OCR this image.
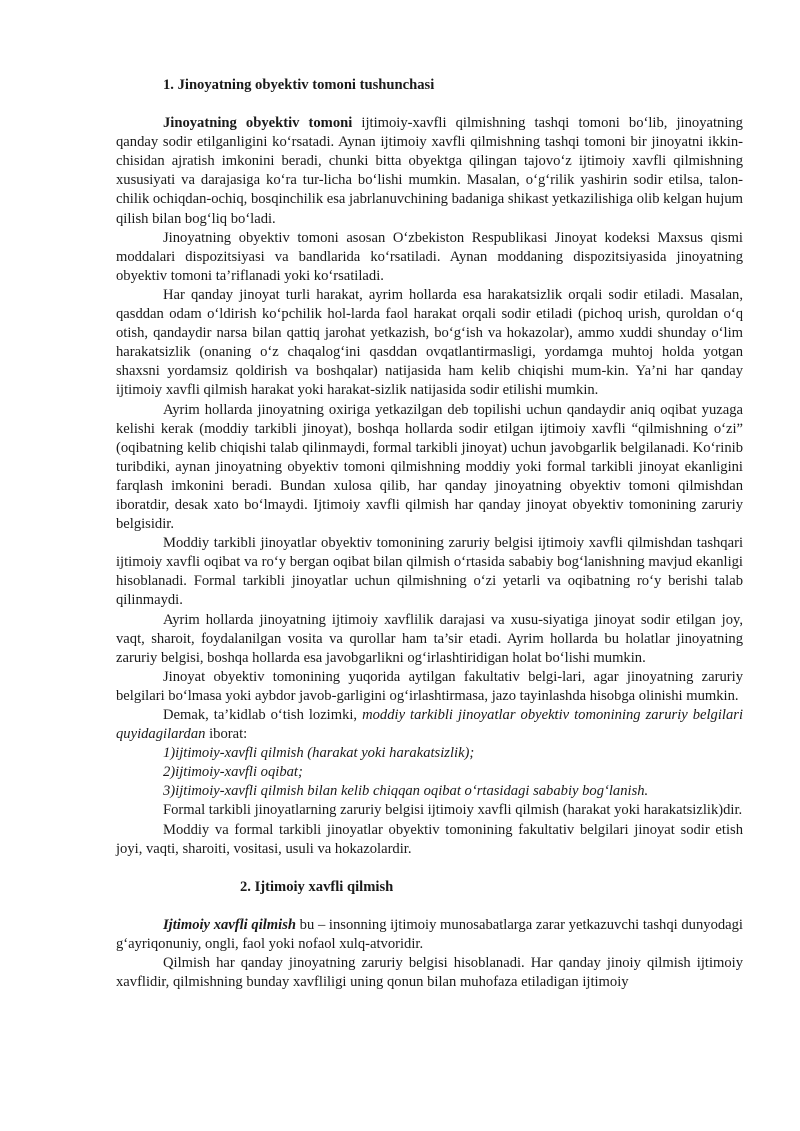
1. Jinoyatning obyektiv tomoni tushunchasi

Jinoyatning obyektiv tomoni ijtimoiy-xavfli qilmishning tashqi tomoni bo‘lib, jinoyatning qanday sodir etilganligini ko‘rsatadi. Aynan ijtimoiy xavfli qilmishning tashqi tomoni bir jinoyatni ikkin-chisidan ajratish imkonini beradi, chunki bitta obyektga qilingan tajovo‘z ijtimoiy xavfli qilmishning xususiyati va darajasiga ko‘ra tur-licha bo‘lishi mumkin. Masalan, o‘g‘rilik yashirin sodir etilsa, talon-chilik ochiqdan-ochiq, bosqinchilik esa jabrlanuvchining badaniga shikast yetkazilishiga olib kelgan hujum qilish bilan bog‘liq bo‘ladi.

Jinoyatning obyektiv tomoni asosan O‘zbekiston Respublikasi Jinoyat kodeksi Maxsus qismi moddalari dispozitsiyasi va bandlarida ko‘rsatiladi. Aynan moddaning dispozitsiyasida jinoyatning obyektiv tomoni ta’riflanadi yoki ko‘rsatiladi.

Har qanday jinoyat turli harakat, ayrim hollarda esa harakatsizlik orqali sodir etiladi. Masalan, qasddan odam o‘ldirish ko‘pchilik hol-larda faol harakat orqali sodir etiladi (pichoq urish, quroldan o‘q otish, qandaydir narsa bilan qattiq jarohat yetkazish, bo‘g‘ish va hokazolar), ammo xuddi shunday o‘lim harakatsizlik (onaning o‘z chaqalog‘ini qasddan ovqatlantirmasligi, yordamga muhtoj holda yotgan shaxsni yordamsiz qoldirish va boshqalar) natijasida ham kelib chiqishi mum-kin. Ya’ni har qanday ijtimoiy xavfli qilmish harakat yoki harakat-sizlik natijasida sodir etilishi mumkin.

Ayrim hollarda jinoyatning oxiriga yetkazilgan deb topilishi uchun qandaydir aniq oqibat yuzaga kelishi kerak (moddiy tarkibli jinoyat), boshqa hollarda sodir etilgan ijtimoiy xavfli “qilmishning o‘zi” (oqibatning kelib chiqishi talab qilinmaydi, formal tarkibli jinoyat) uchun javobgarlik belgilanadi. Ko‘rinib turibdiki, aynan jinoyatning obyektiv tomoni qilmishning moddiy yoki formal tarkibli jinoyat ekanligini farqlash imkonini beradi. Bundan xulosa qilib, har qanday jinoyatning obyektiv tomoni qilmishdan iboratdir, desak xato bo‘lmaydi. Ijtimoiy xavfli qilmish har qanday jinoyat obyektiv tomonining zaruriy belgisidir.

Moddiy tarkibli jinoyatlar obyektiv tomonining zaruriy belgisi ijtimoiy xavfli qilmishdan tashqari ijtimoiy xavfli oqibat va ro‘y bergan oqibat bilan qilmish o‘rtasida sababiy bog‘lanishning mavjud ekanligi hisoblanadi. Formal tarkibli jinoyatlar uchun qilmishning o‘zi yetarli va oqibatning ro‘y berishi talab qilinmaydi.

Ayrim hollarda jinoyatning ijtimoiy xavflilik darajasi va xusu-siyatiga jinoyat sodir etilgan joy, vaqt, sharoit, foydalanilgan vosita va qurollar ham ta’sir etadi. Ayrim hollarda bu holatlar jinoyatning zaruriy belgisi, boshqa hollarda esa javobgarlikni og‘irlashtiridigan holat bo‘lishi mumkin.

Jinoyat obyektiv tomonining yuqorida aytilgan fakultativ belgi-lari, agar jinoyatning zaruriy belgilari bo‘lmasa yoki aybdor javob-garligini og‘irlashtirmasa, jazo tayinlashda hisobga olinishi mumkin.

Demak, ta’kidlab o‘tish lozimki, moddiy tarkibli jinoyatlar obyektiv tomonining zaruriy belgilari quyidagilardan iborat:

1)ijtimoiy-xavfli qilmish (harakat yoki harakatsizlik);

2)ijtimoiy-xavfli oqibat;

3)ijtimoiy-xavfli qilmish bilan kelib chiqqan oqibat o‘rtasidagi sababiy bog‘lanish.

Formal tarkibli jinoyatlarning zaruriy belgisi ijtimoiy xavfli qilmish (harakat yoki harakatsizlik)dir.

Moddiy va formal tarkibli jinoyatlar obyektiv tomonining fakultativ belgilari jinoyat sodir etish joyi, vaqti, sharoiti, vositasi, usuli va hokazolardir.

2. Ijtimoiy xavfli qilmish

Ijtimoiy xavfli qilmish bu – insonning ijtimoiy munosabatlarga zarar yetkazuvchi tashqi dunyodagi g‘ayriqonuniy, ongli, faol yoki nofaol xulq-atvoridir.

Qilmish har qanday jinoyatning zaruriy belgisi hisoblanadi. Har qanday jinoiy qilmish ijtimoiy xavflidir, qilmishning bunday xavfliligi uning qonun bilan muhofaza etiladigan ijtimoiy
